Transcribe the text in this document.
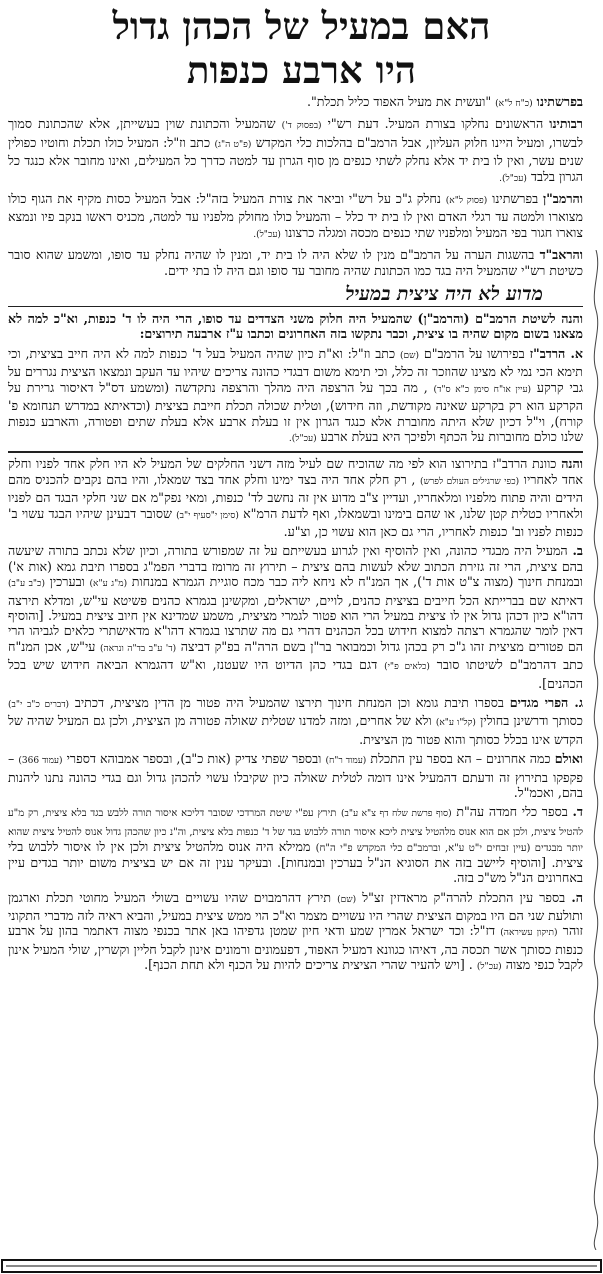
האם במעיל של הכהן גדול
היו ארבע כנפות

בפרשתינו (כ"ח ל"א) "ועשית את מעיל האפוד כליל תכלת".

רבותינו הראשונים נחלקו בצורת המעיל. דעת רש"י (בפסוק ד') שהמעיל והכתונת שוין בעשייתן, אלא שהכתונת סמוך לבשרו, ומעיל היינו חלוק העליון, אבל הרמב"ם בהלכות כלי המקדש (פ"ט ה"ג) כתב וז"ל: המעיל כולו תכלת וחוטיו כפולין שנים עשר, ואין לו בית יד אלא נחלק לשתי כנפים מן סוף הגרון עד למטה כדרך כל המעילים, ואינו מחובר אלא כנגד כל הגרון בלבד (עכ"ל).

והרמב"ן בפרשתינו (פסוק ל"א) נחלק ג"כ על רש"י וביאר את צורת המעיל בזה"ל: אבל המעיל כסות מקיף את הגוף כולו מצוארו ולמטה עד רגלי האדם ואין לו בית יד כלל – והמעיל כולו מחולק מלפניו עד למטה, מכניס ראשו בנקב פיו ונמצא צוארו חגור בפי המעיל ומלפניו שתי כנפים מכסה ומגלה כרצונו (עכ"ל).

והראב"ד בהשגות הערה על הרמב"ם מנין לו שלא היה לו בית יד, ומנין לו שהיה נחלק עד סופו, ומשמע שהוא סובר כשיטת רש"י שהמעיל היה בגד כמו הכתונת שהיה מחובר עד סופו וגם היה לו בתי ידים.

מדוע לא היה ציצית במעיל

והנה לשיטת הרמב"ם (והרמב"ן) שהמעיל היה חלוק משני הצדדים עד סופו, הרי היה לו ד' כנפות, וא"כ למה לא מצאנו בשום מקום שהיה בו ציצית, וכבר נתקשו בזה האחרונים וכתבו ע"ז ארבעה תירוצים:

א. הרדב"ז בפירושו על הרמב"ם (שם) כתב וז"ל: וא"ת כיון שהיה המעיל בעל ד' כנפות למה לא היה חייב בציצית, וכי תימא הכי נמי לא מצינו שהוזכר זה כלל, וכי תימא משום דבגדי כהונה צריכים שיהיו עד העקב ונמצאו הציצית נגררים על גבי קרקע (עיין או"ח סימן כ"א ס"ד) , מה בכך על הרצפה היה מהלך והרצפה נתקדשה (ומשמע דס"ל דאיסור גרירת על הקרקע הוא רק בקרקע שאינה מקודשת, וזה חידוש), וטלית שכולה תכלת חייבת בציצית (וכדאיתא במדרש תנחומא פ' קורח), וי"ל דכיון שלא היתה מחוברת אלא כנגד הגרון אין זו בעלת ארבע אלא בעלת שתים ופטורה, והארבע כנפות שלנו כולם מחוברות על הכתף ולפיכך היא בעלת ארבע (עכ"ל).

והנה כוונת הרדב"ז בתירוצו הוא לפי מה שהוכיח שם לעיל מזה דשני החלקים של המעיל לא היו חלק אחד לפניו וחלק אחד לאחריו (כפי שרגילים העולם לפרש) , רק חלק אחד היה בצד ימינו וחלק אחד בצד שמאלו, והיו בהם נקבים להכניס מהם הידים והיה פתוח מלפניו ומלאחריו, ועדיין צ"ב מדוע אין זה נחשב לד' כנפות, ומאי נפק"מ אם שני חלקי הבגד הם לפניו ולאחריו כטלית קטן שלנו, או שהם בימינו ובשמאלו, ואף לדעת הרמ"א (סימן י"סעיף י"ב) שסובר דבעינן שיהיו הבגד עשוי ב' כנפות לפניו וב' כנפות לאחריו, הרי גם כאן הוא עשוי כן, וצ"ע.

ב. המעיל היה מבגדי כהונה, ואין להוסיף ואין לגרוע בעשייתם על זה שמפורש בתורה, וכיון שלא נכתב בתורה שיעשה בהם ציצית, הרי זה גזירת הכתוב שלא לעשות בהם ציצית – תירוץ זה מרומז בדברי הפמ"ג בספרו תיבת גמא (אות א') ובמנחת חינוך (מצוה צ"ט אות ד'), אך המנ"ח לא ניחא ליה כבר מכח סוגיית הגמרא במנחות (מ"ג ע"א) ובערכין (כ"ב ע"ב) דאיתא שם בברייתא הכל חייבים בציצית כהנים, לויים, ישראלים, ומקשינן בגמרא כהנים פשיטא עי"ש, ומדלא תירצה דהו"א כיון דכהן גדול אין לו ציצית במעיל הרי הוא פטור לגמרי מציצית, משמע שמדינא אין חיוב ציצית במעיל. [והוסיף דאין לומר שהגמרא רצתה למצוא חידוש בכל הכהנים דהרי גם מה שתרצו בגמרא דהו"א מדאישתרי כלאים לגביהו הרי הם פטורים מציצית זהו ג"כ רק בכהן גדול וכמבואר בר"ן בשם הרה"ה בפ"ק דביצה (ד' ע"ב בד"ה ונראה) עי"ש, אכן המנ"ח כתב דהרמב"ם לשיטתו סובר (כלאים פ"י) דגם בגדי כהן הדיוט היו שעטנז, וא"ש דהגמרא הביאה חידוש שיש בכל הכהנים].

ג. הפרי מגדים בספרו תיבת גומא וכן המנחת חינוך תירצו שהמעיל היה פטור מן הדין מציצית, דכתיב (דברים כ"ב י"ב) כסותך ודרשינן בחולין (קל"ו ע"א) ולא של אחרים, ומזה למדנו שטלית שאולה פטורה מן הציצית, ולכן גם המעיל שהיה של הקדש אינו בכלל כסותך והוא פטור מן הציצית.

ואולם כמה אחרונים – הא בספר עין התכלת (עמוד ר"ח) ובספר שפתי צדיק (אות כ"ב), ובספר אמבוהא דספרי (עמוד 366) – פקפקו בתירוץ זה ודעתם דהמעיל אינו דומה לטלית שאולה כיון שקיבלו עשוי להכהן גדול וגם בגדי כהונה נתנו ליהנות בהם, ואכמ"ל.

ד. בספר כלי חמדה עה"ת (סוף פרשת שלח דף צ"א ע"ב) תירץ עפ"י שיטת המרדכי שסובר דליכא איסור תורה ללבש בגד בלא ציצית, רק מ"ע להטיל ציצית, ולכן אם הוא אנוס מלהטיל ציצית ליכא איסור תורה ללבוש בגד של ד' כנפות בלא ציצית, וה"נ כיון שהכהן גדול אנוס להטיל ציצית שהוא יותר מבגדים (עיין זבחים י"ט ע"א, וברמב"ם כלי המקדש פ"י ה"ח) ממילא היה אנוס מלהטיל ציצית ולכן אין לו איסור ללבוש בלי ציצית. [והוסיף ליישב בזה את הסוגיא הנ"ל בערכין ובמנחות]. ובעיקר ענין זה אם יש בציצית משום יותר בגדים עיין באחרונים הנ"ל מש"כ בזה.

ה. בספר עין התכלת להרה"ק מראדזין זצ"ל (שם) תירץ דהרמבוים שהיו עשויים בשולי המעיל מחוטי תכלת וארגמן ותולעת שני הם היו במקום הציצית שהרי היו עשויים מצמר וא"כ הוי ממש ציצית במעיל, והביא ראיה לזה מדברי התקוני זוהר (תיקון עשיראה) דז"ל: וכד ישראל אמרין שמע ודאי חיון שמטן גדפיהו באן אתר בכנפי מצוה דאתמר בהון על ארבע כנפות כסותך אשר תכסה בה, דאיהו כגוונא דמעיל האפוד, דפעמונים ורמונים אינון לקבל חליין וקשרין, שולי המעיל אינון לקבל כנפי מצוה (עכ"ל) . [ויש להעיר שהרי הציצית צריכים להיות על הכנף ולא תחת הכנף].
